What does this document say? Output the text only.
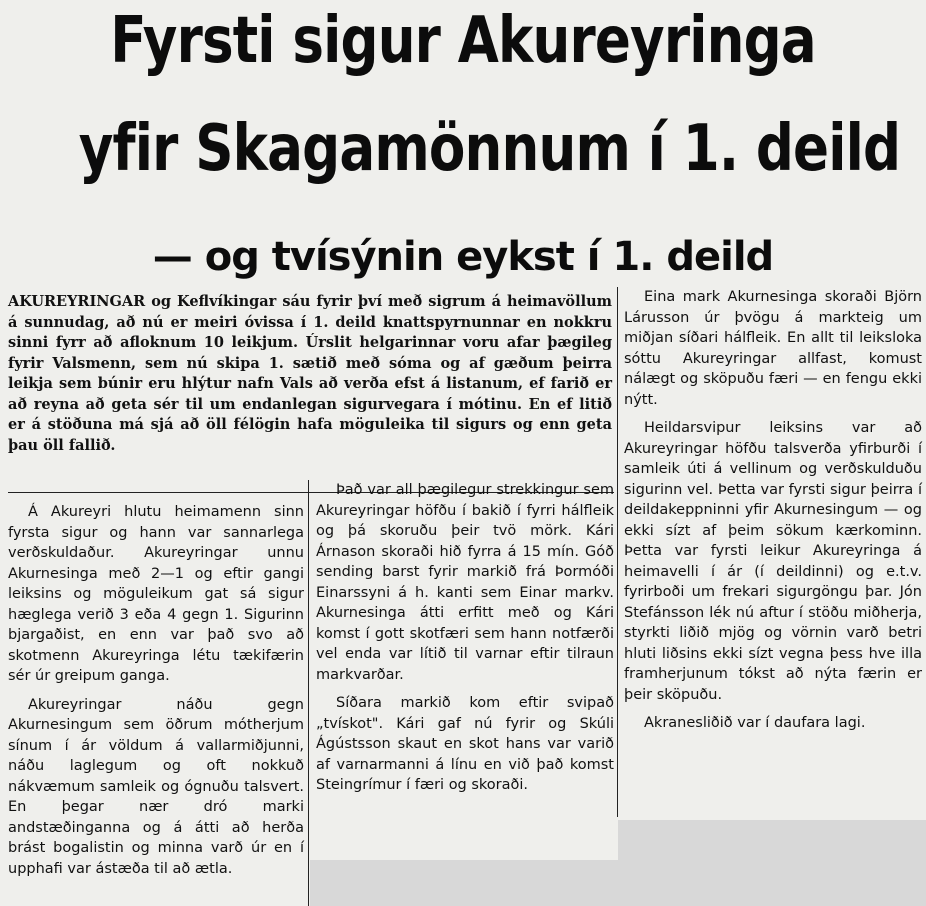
Fyrsti sigur Akureyringa
yfir Skagamönnum í 1. deild
— og tvísýnin eykst í 1. deild
AKUREYRINGAR og Keflvíkingar sáu fyrir því með sigrum á heimavöllum á sunnudag, að nú er meiri óvissa í 1. deild knattspyrnunnar en nokkru sinni fyrr að afloknum 10 leikjum. Úrslit helgarinnar voru afar þægileg fyrir Valsmenn, sem nú skipa 1. sætið með sóma og af gæðum þeirra leikja sem búnir eru hlýtur nafn Vals að verða efst á listanum, ef farið er að reyna að geta sér til um endanlegan sigurvegara í mótinu. En ef litið er á stöðuna má sjá að öll félögin hafa möguleika til sigurs og enn geta þau öll fallið.

Á Akureyri hlutu heimamenn sinn fyrsta sigur og hann var sannarlega verðskuldaður. Akureyringar unnu Akurnesinga með 2—1 og eftir gangi leiksins og möguleikum gat sá sigur hæglega verið 3 eða 4 gegn 1. Sigurinn bjargaðist, en enn var það svo að skotmenn Akureyringa létu tækifærin sér úr greipum ganga.

Akureyringar náðu gegn Akurnesingum sem öðrum mótherjum sínum í ár völdum á vallarmiðjunni, náðu laglegum og oft nokkuð nákvæmum samleik og ógnuðu talsvert. En þegar nær dró marki andstæðinganna og á átti að herða brást bogalistin og minna varð úr en í upphafi var ástæða til að ætla.

Það var all þægilegur strekkingur sem Akureyringar höfðu í bakið í fyrri hálfleik og þá skoruðu þeir tvö mörk. Kári Árnason skoraði hið fyrra á 15 mín. Góð sending barst fyrir markið frá Þormóði Einarssyni á h. kanti sem Einar markv. Akurnesinga átti erfitt með og Kári komst í gott skotfæri sem hann notfærði vel enda var lítið til varnar eftir tilraun markvarðar.

Síðara markið kom eftir svipað „tvískot". Kári gaf nú fyrir og Skúli Ágústsson skaut en skot hans var varið af varnarmanni á línu en við það komst Steingrímur í færi og skoraði.

Eina mark Akurnesinga skoraði Björn Lárusson úr þvögu á markteig um miðjan síðari hálfleik. En allt til leiksloka sóttu Akureyringar allfast, komust nálægt og sköpuðu færi — en fengu ekki nýtt.

Heildarsvipur leiksins var að Akureyringar höfðu talsverða yfirburði í samleik úti á vellinum og verðskulduðu sigurinn vel. Þetta var fyrsti sigur þeirra í deildakeppninni yfir Akurnesingum — og ekki sízt af þeim sökum kærkominn. Þetta var fyrsti leikur Akureyringa á heimavelli í ár (í deildinni) og e.t.v. fyrirboði um frekari sigurgöngu þar. Jón Stefánsson lék nú aftur í stöðu miðherja, styrkti liðið mjög og vörnin varð betri hluti liðsins ekki sízt vegna þess hve illa framherjunum tókst að nýta færin er þeir sköpuðu.

Akranesliðið var í daufara lagi.
